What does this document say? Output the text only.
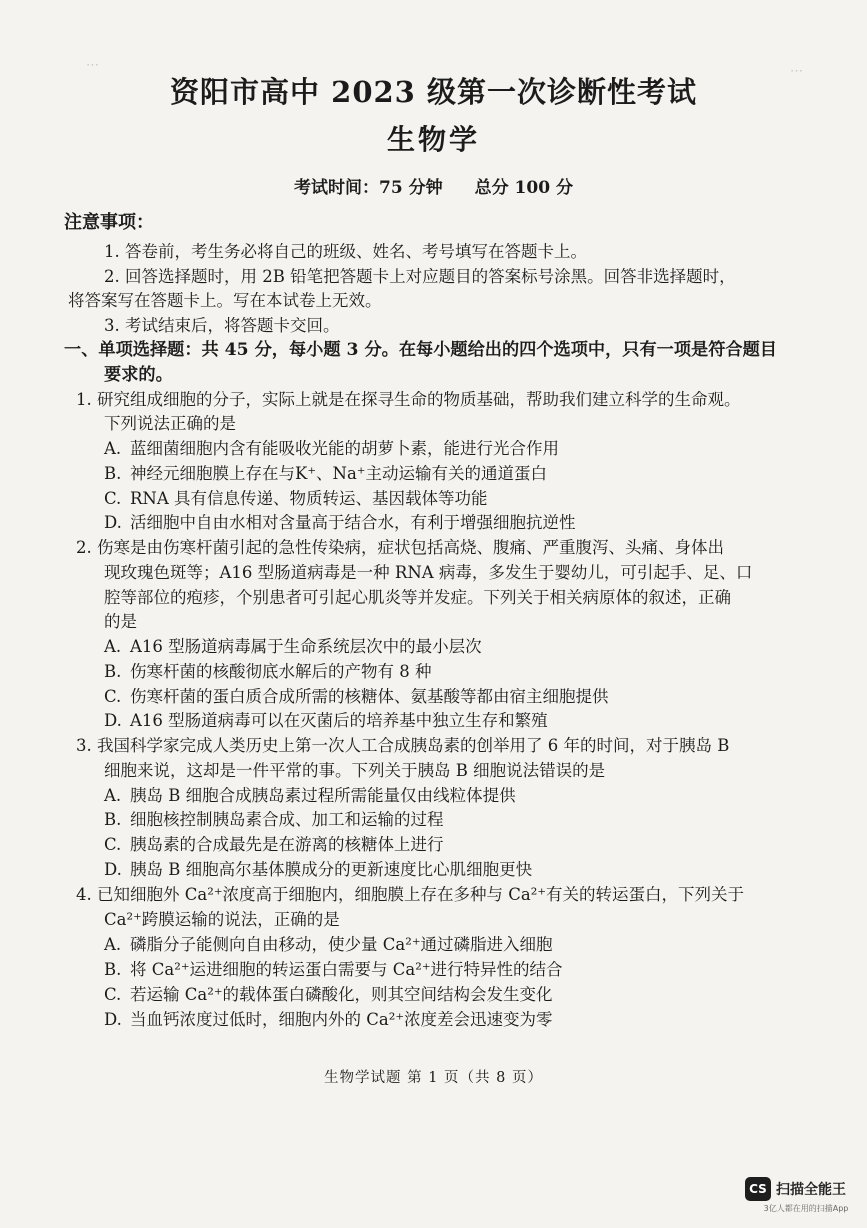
资阳市高中 2023 级第一次诊断性考试
生物学
考试时间：75 分钟 总分 100 分
注意事项：
1. 答卷前，考生务必将自己的班级、姓名、考号填写在答题卡上。
2. 回答选择题时，用 2B 铅笔把答题卡上对应题目的答案标号涂黑。回答非选择题时，
将答案写在答题卡上。写在本试卷上无效。
3. 考试结束后，将答题卡交回。
一、单项选择题：共 45 分，每小题 3 分。在每小题给出的四个选项中，只有一项是符合题目
要求的。
1. 研究组成细胞的分子，实际上就是在探寻生命的物质基础，帮助我们建立科学的生命观。
下列说法正确的是
A. 蓝细菌细胞内含有能吸收光能的胡萝卜素，能进行光合作用
B. 神经元细胞膜上存在与K⁺、Na⁺主动运输有关的通道蛋白
C. RNA 具有信息传递、物质转运、基因载体等功能
D. 活细胞中自由水相对含量高于结合水，有利于增强细胞抗逆性
2. 伤寒是由伤寒杆菌引起的急性传染病，症状包括高烧、腹痛、严重腹泻、头痛、身体出
现玫瑰色斑等；A16 型肠道病毒是一种 RNA 病毒，多发生于婴幼儿，可引起手、足、口
腔等部位的疱疹，个别患者可引起心肌炎等并发症。下列关于相关病原体的叙述，正确
的是
A. A16 型肠道病毒属于生命系统层次中的最小层次
B. 伤寒杆菌的核酸彻底水解后的产物有 8 种
C. 伤寒杆菌的蛋白质合成所需的核糖体、氨基酸等都由宿主细胞提供
D. A16 型肠道病毒可以在灭菌后的培养基中独立生存和繁殖
3. 我国科学家完成人类历史上第一次人工合成胰岛素的创举用了 6 年的时间，对于胰岛 B
细胞来说，这却是一件平常的事。下列关于胰岛 B 细胞说法错误的是
A. 胰岛 B 细胞合成胰岛素过程所需能量仅由线粒体提供
B. 细胞核控制胰岛素合成、加工和运输的过程
C. 胰岛素的合成最先是在游离的核糖体上进行
D. 胰岛 B 细胞高尔基体膜成分的更新速度比心肌细胞更快
4. 已知细胞外 Ca²⁺浓度高于细胞内，细胞膜上存在多种与 Ca²⁺有关的转运蛋白，下列关于
Ca²⁺跨膜运输的说法，正确的是
A. 磷脂分子能侧向自由移动，使少量 Ca²⁺通过磷脂进入细胞
B. 将 Ca²⁺运进细胞的转运蛋白需要与 Ca²⁺进行特异性的结合
C. 若运输 Ca²⁺的载体蛋白磷酸化，则其空间结构会发生变化
D. 当血钙浓度过低时，细胞内外的 Ca²⁺浓度差会迅速变为零
生物学试题 第 1 页（共 8 页）
⋯	⋯
CS 扫描全能王
3亿人都在用的扫描App
